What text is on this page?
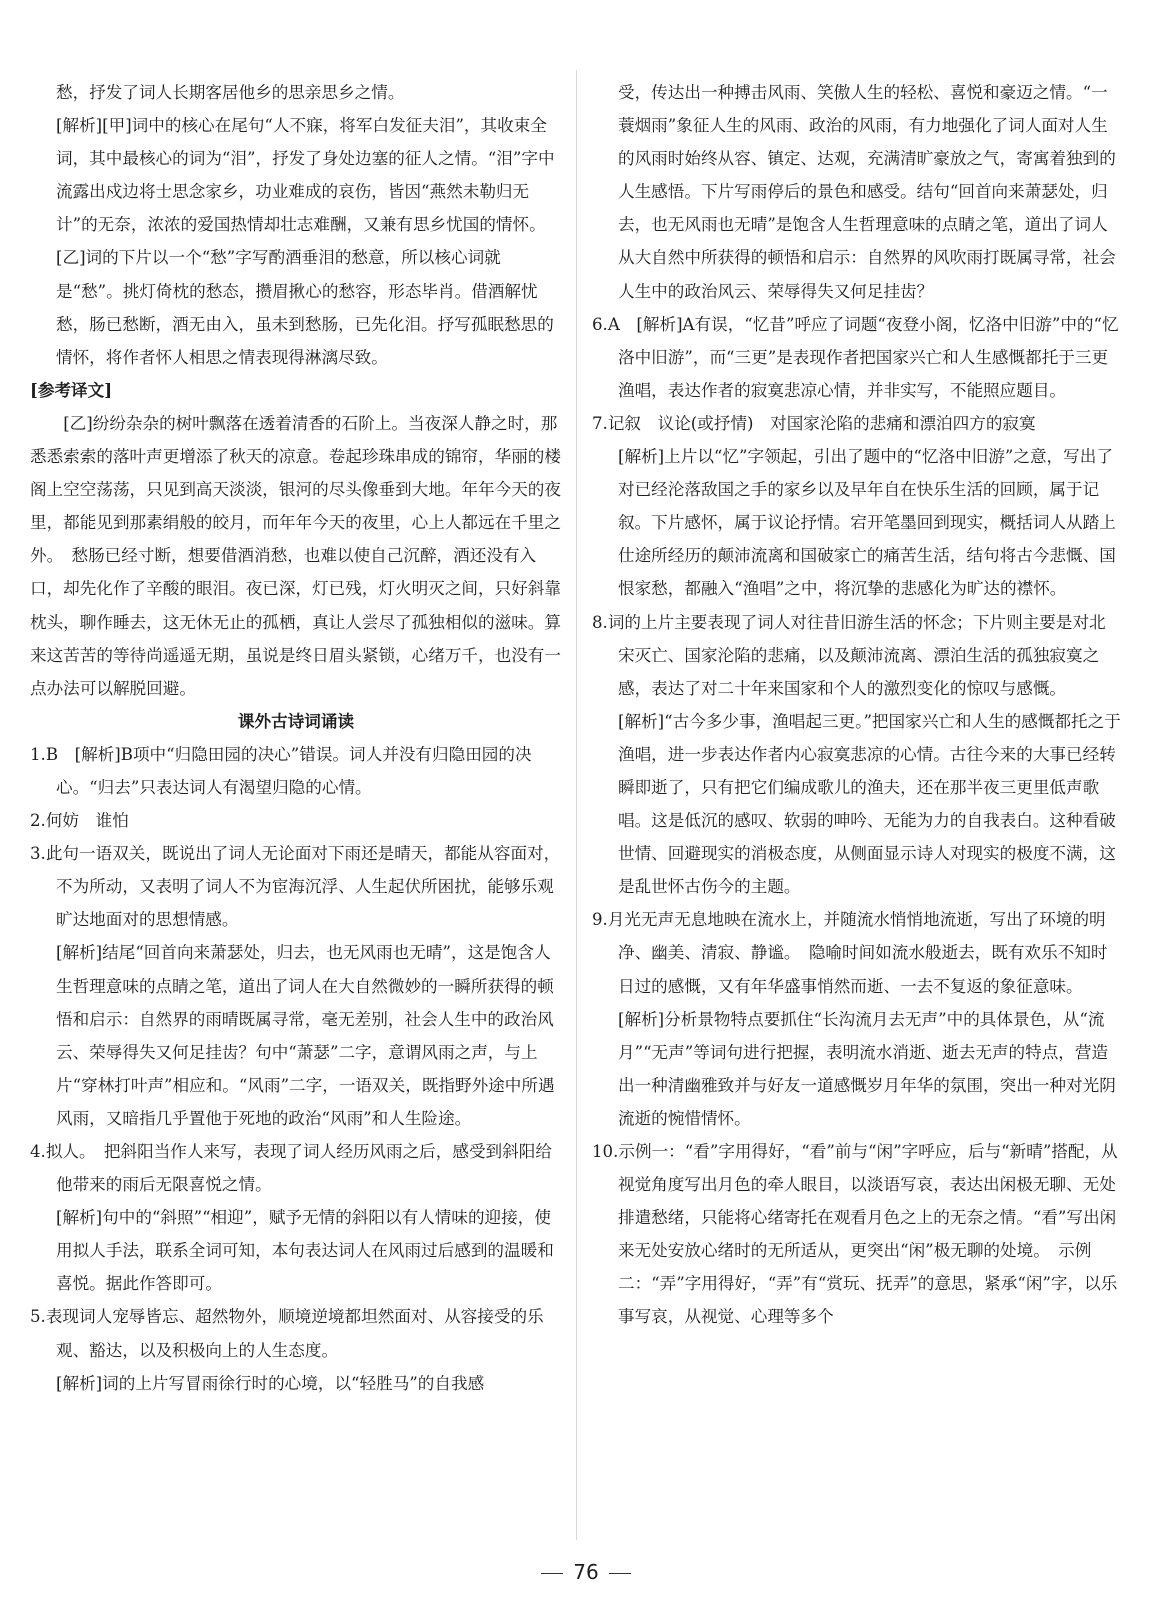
愁，抒发了词人长期客居他乡的思亲思乡之情。

[解析][甲]词中的核心在尾句“人不寐，将军白发征夫泪”，其收束全词，其中最核心的词为“泪”，抒发了身处边塞的征人之情。“泪”字中流露出戍边将士思念家乡，功业难成的哀伤，皆因“燕然未勒归无计”的无奈，浓浓的爱国热情却壮志难酬，又兼有思乡忧国的情怀。[乙]词的下片以一个“愁”字写酌酒垂泪的愁意，所以核心词就是“愁”。挑灯倚枕的愁态，攒眉揪心的愁容，形态毕肖。借酒解忧愁，肠已愁断，酒无由入，虽未到愁肠，已先化泪。抒写孤眠愁思的情怀，将作者怀人相思之情表现得淋漓尽致。

[参考译文]

[乙]纷纷杂杂的树叶飘落在透着清香的石阶上。当夜深人静之时，那悉悉索索的落叶声更增添了秋天的凉意。卷起珍珠串成的锦帘，华丽的楼阁上空空荡荡，只见到高天淡淡，银河的尽头像垂到大地。年年今天的夜里，都能见到那素绢般的皎月，而年年今天的夜里，心上人都远在千里之外。　愁肠已经寸断，想要借酒消愁，也难以使自己沉醉，酒还没有入口，却先化作了辛酸的眼泪。夜已深，灯已残，灯火明灭之间，只好斜靠枕头，聊作睡去，这无休无止的孤栖，真让人尝尽了孤独相似的滋味。算来这苦苦的等待尚遥遥无期，虽说是终日眉头紧锁，心绪万千，也没有一点办法可以解脱回避。

课外古诗词诵读

1.B　[解析]B项中“归隐田园的决心”错误。词人并没有归隐田园的决心。“归去”只表达词人有渴望归隐的心情。

2.何妨　谁怕

3.此句一语双关，既说出了词人无论面对下雨还是晴天，都能从容面对，不为所动，又表明了词人不为宦海沉浮、人生起伏所困扰，能够乐观旷达地面对的思想情感。

[解析]结尾“回首向来萧瑟处，归去，也无风雨也无晴”，这是饱含人生哲理意味的点睛之笔，道出了词人在大自然微妙的一瞬所获得的顿悟和启示：自然界的雨晴既属寻常，毫无差别，社会人生中的政治风云、荣辱得失又何足挂齿？句中“萧瑟”二字，意谓风雨之声，与上片“穿林打叶声”相应和。“风雨”二字，一语双关，既指野外途中所遇风雨，又暗指几乎置他于死地的政治“风雨”和人生险途。

4.拟人。　把斜阳当作人来写，表现了词人经历风雨之后，感受到斜阳给他带来的雨后无限喜悦之情。

[解析]句中的“斜照”“相迎”，赋予无情的斜阳以有人情味的迎接，使用拟人手法，联系全词可知，本句表达词人在风雨过后感到的温暖和喜悦。据此作答即可。

5.表现词人宠辱皆忘、超然物外，顺境逆境都坦然面对、从容接受的乐观、豁达，以及积极向上的人生态度。

[解析]词的上片写冒雨徐行时的心境，以“轻胜马”的自我感

受，传达出一种搏击风雨、笑傲人生的轻松、喜悦和豪迈之情。“一蓑烟雨”象征人生的风雨、政治的风雨，有力地强化了词人面对人生的风雨时始终从容、镇定、达观，充满清旷豪放之气，寄寓着独到的人生感悟。下片写雨停后的景色和感受。结句“回首向来萧瑟处，归去，也无风雨也无晴”是饱含人生哲理意味的点睛之笔，道出了词人从大自然中所获得的顿悟和启示：自然界的风吹雨打既属寻常，社会人生中的政治风云、荣辱得失又何足挂齿？

6.A　[解析]A有误，“忆昔”呼应了词题“夜登小阁，忆洛中旧游”中的“忆洛中旧游”，而“三更”是表现作者把国家兴亡和人生感慨都托于三更渔唱，表达作者的寂寞悲凉心情，并非实写，不能照应题目。

7.记叙　议论(或抒情)　对国家沦陷的悲痛和漂泊四方的寂寞

[解析]上片以“忆”字领起，引出了题中的“忆洛中旧游”之意，写出了对已经沦落敌国之手的家乡以及早年自在快乐生活的回顾，属于记叙。下片感怀，属于议论抒情。宕开笔墨回到现实，概括词人从踏上仕途所经历的颠沛流离和国破家亡的痛苦生活，结句将古今悲慨、国恨家愁，都融入“渔唱”之中，将沉挚的悲感化为旷达的襟怀。

8.词的上片主要表现了词人对往昔旧游生活的怀念；下片则主要是对北宋灭亡、国家沦陷的悲痛，以及颠沛流离、漂泊生活的孤独寂寞之感，表达了对二十年来国家和个人的激烈变化的惊叹与感慨。

[解析]“古今多少事，渔唱起三更。”把国家兴亡和人生的感慨都托之于渔唱，进一步表达作者内心寂寞悲凉的心情。古往今来的大事已经转瞬即逝了，只有把它们编成歌儿的渔夫，还在那半夜三更里低声歌唱。这是低沉的感叹、软弱的呻吟、无能为力的自我表白。这种看破世情、回避现实的消极态度，从侧面显示诗人对现实的极度不满，这是乱世怀古伤今的主题。

9.月光无声无息地映在流水上，并随流水悄悄地流逝，写出了环境的明净、幽美、清寂、静谧。　隐喻时间如流水般逝去，既有欢乐不知时日过的感慨，又有年华盛事悄然而逝、一去不复返的象征意味。

[解析]分析景物特点要抓住“长沟流月去无声”中的具体景色，从“流月”“无声”等词句进行把握，表明流水消逝、逝去无声的特点，营造出一种清幽雅致并与好友一道感慨岁月年华的氛围，突出一种对光阴流逝的惋惜情怀。

10.示例一：“看”字用得好，“看”前与“闲”字呼应，后与“新晴”搭配，从视觉角度写出月色的牵人眼目，以淡语写哀，表达出闲极无聊、无处排遣愁绪，只能将心绪寄托在观看月色之上的无奈之情。“看”写出闲来无处安放心绪时的无所适从，更突出“闲”极无聊的处境。　示例二：“弄”字用得好，“弄”有“赏玩、抚弄”的意思，紧承“闲”字，以乐事写哀，从视觉、心理等多个

76
